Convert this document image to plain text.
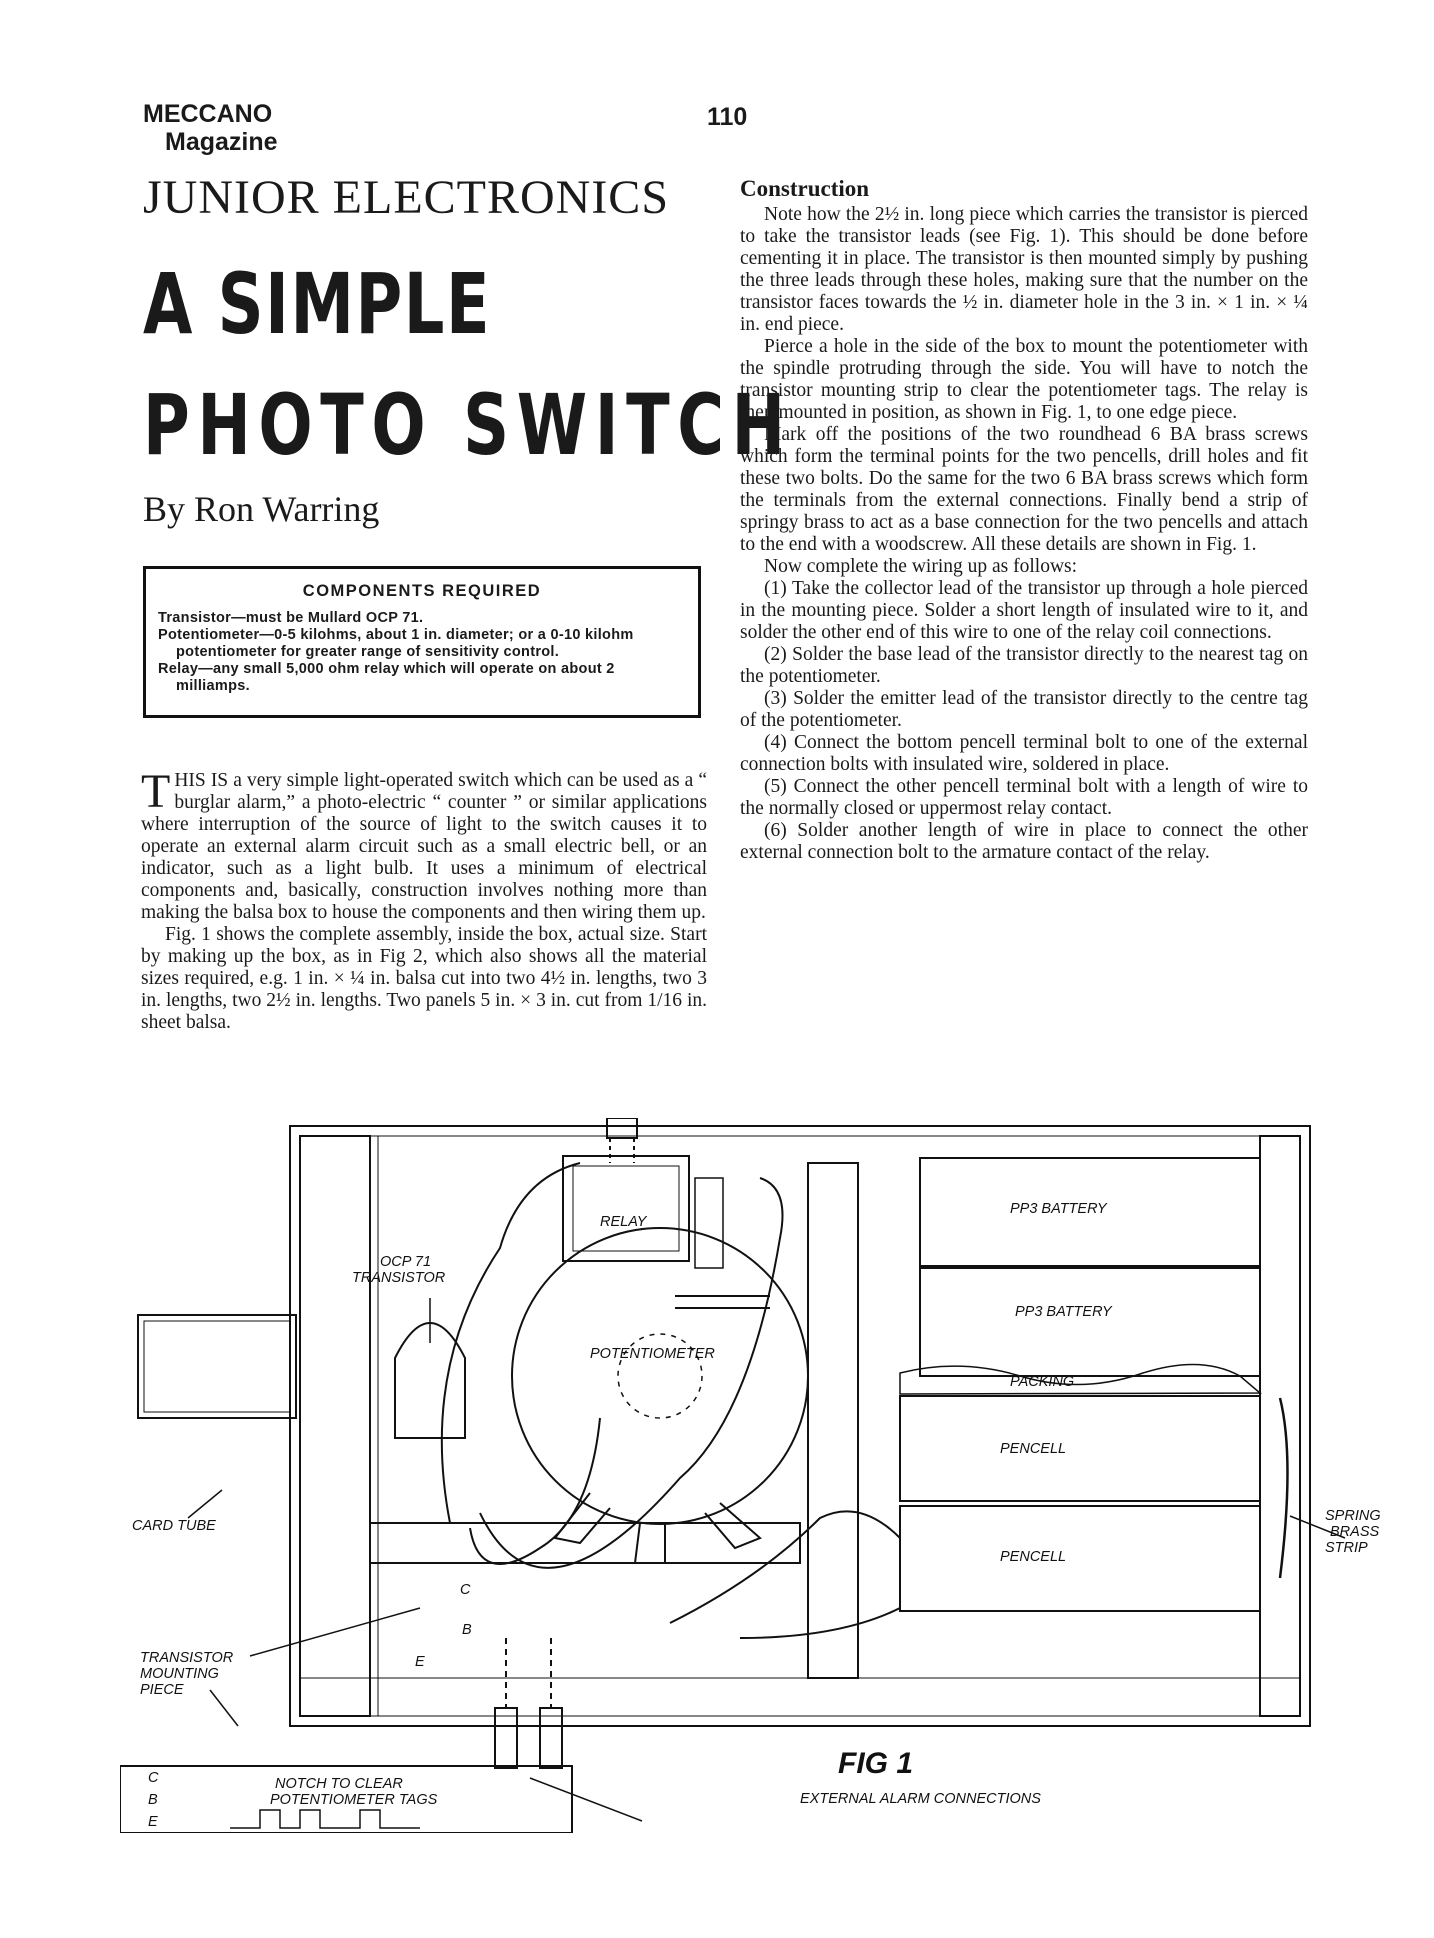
MECCANO
Magazine
110
JUNIOR ELECTRONICS
A SIMPLE
PHOTO SWITCH
By Ron Warring
COMPONENTS REQUIRED
Transistor—must be Mullard OCP 71.
Potentiometer—0-5 kilohms, about 1 in. diameter; or a 0-10 kilohm potentiometer for greater range of sensitivity control.
Relay—any small 5,000 ohm relay which will operate on about 2 milliamps.

THIS IS a very simple light-operated switch which can be used as a “ burglar alarm,” a photo-electric “ counter ” or similar applications where interruption of the source of light to the switch causes it to operate an external alarm circuit such as a small electric bell, or an indicator, such as a light bulb. It uses a minimum of electrical components and, basically, construction involves nothing more than making the balsa box to house the components and then wiring them up.

Fig. 1 shows the complete assembly, inside the box, actual size. Start by making up the box, as in Fig 2, which also shows all the material sizes required, e.g. 1 in. × ¼ in. balsa cut into two 4½ in. lengths, two 3 in. lengths, two 2½ in. lengths. Two panels 5 in. × 3 in. cut from 1/16 in. sheet balsa.

Construction

Note how the 2½ in. long piece which carries the transistor is pierced to take the transistor leads (see Fig. 1). This should be done before cementing it in place. The transistor is then mounted simply by pushing the three leads through these holes, making sure that the number on the transistor faces towards the ½ in. diameter hole in the 3 in. × 1 in. × ¼ in. end piece.

Pierce a hole in the side of the box to mount the potentiometer with the spindle protruding through the side. You will have to notch the transistor mounting strip to clear the potentiometer tags. The relay is then mounted in position, as shown in Fig. 1, to one edge piece.

Mark off the positions of the two roundhead 6 BA brass screws which form the terminal points for the two pencells, drill holes and fit these two bolts. Do the same for the two 6 BA brass screws which form the terminals from the external connections. Finally bend a strip of springy brass to act as a base connection for the two pencells and attach to the end with a woodscrew. All these details are shown in Fig. 1.

Now complete the wiring up as follows:

(1) Take the collector lead of the transistor up through a hole pierced in the mounting piece. Solder a short length of insulated wire to it, and solder the other end of this wire to one of the relay coil connections.

(2) Solder the base lead of the transistor directly to the nearest tag on the potentiometer.

(3) Solder the emitter lead of the transistor directly to the centre tag of the potentiometer.

(4) Connect the bottom pencell terminal bolt to one of the external connection bolts with insulated wire, soldered in place.

(5) Connect the other pencell terminal bolt with a length of wire to the normally closed or uppermost relay contact.

(6) Solder another length of wire in place to connect the other external connection bolt to the armature contact of the relay.

RELAY
PP3 BATTERY
PP3 BATTERY
OCP 71
TRANSISTOR
POTENTIOMETER
PACKING
PENCELL
PENCELL
CARD TUBE
SPRING
BRASS
STRIP
TRANSISTOR
MOUNTING
PIECE
NOTCH TO CLEAR
POTENTIOMETER TAGS	EXTERNAL ALARM CONNECTIONS
C
B
E
C
B
E
FIG 1
